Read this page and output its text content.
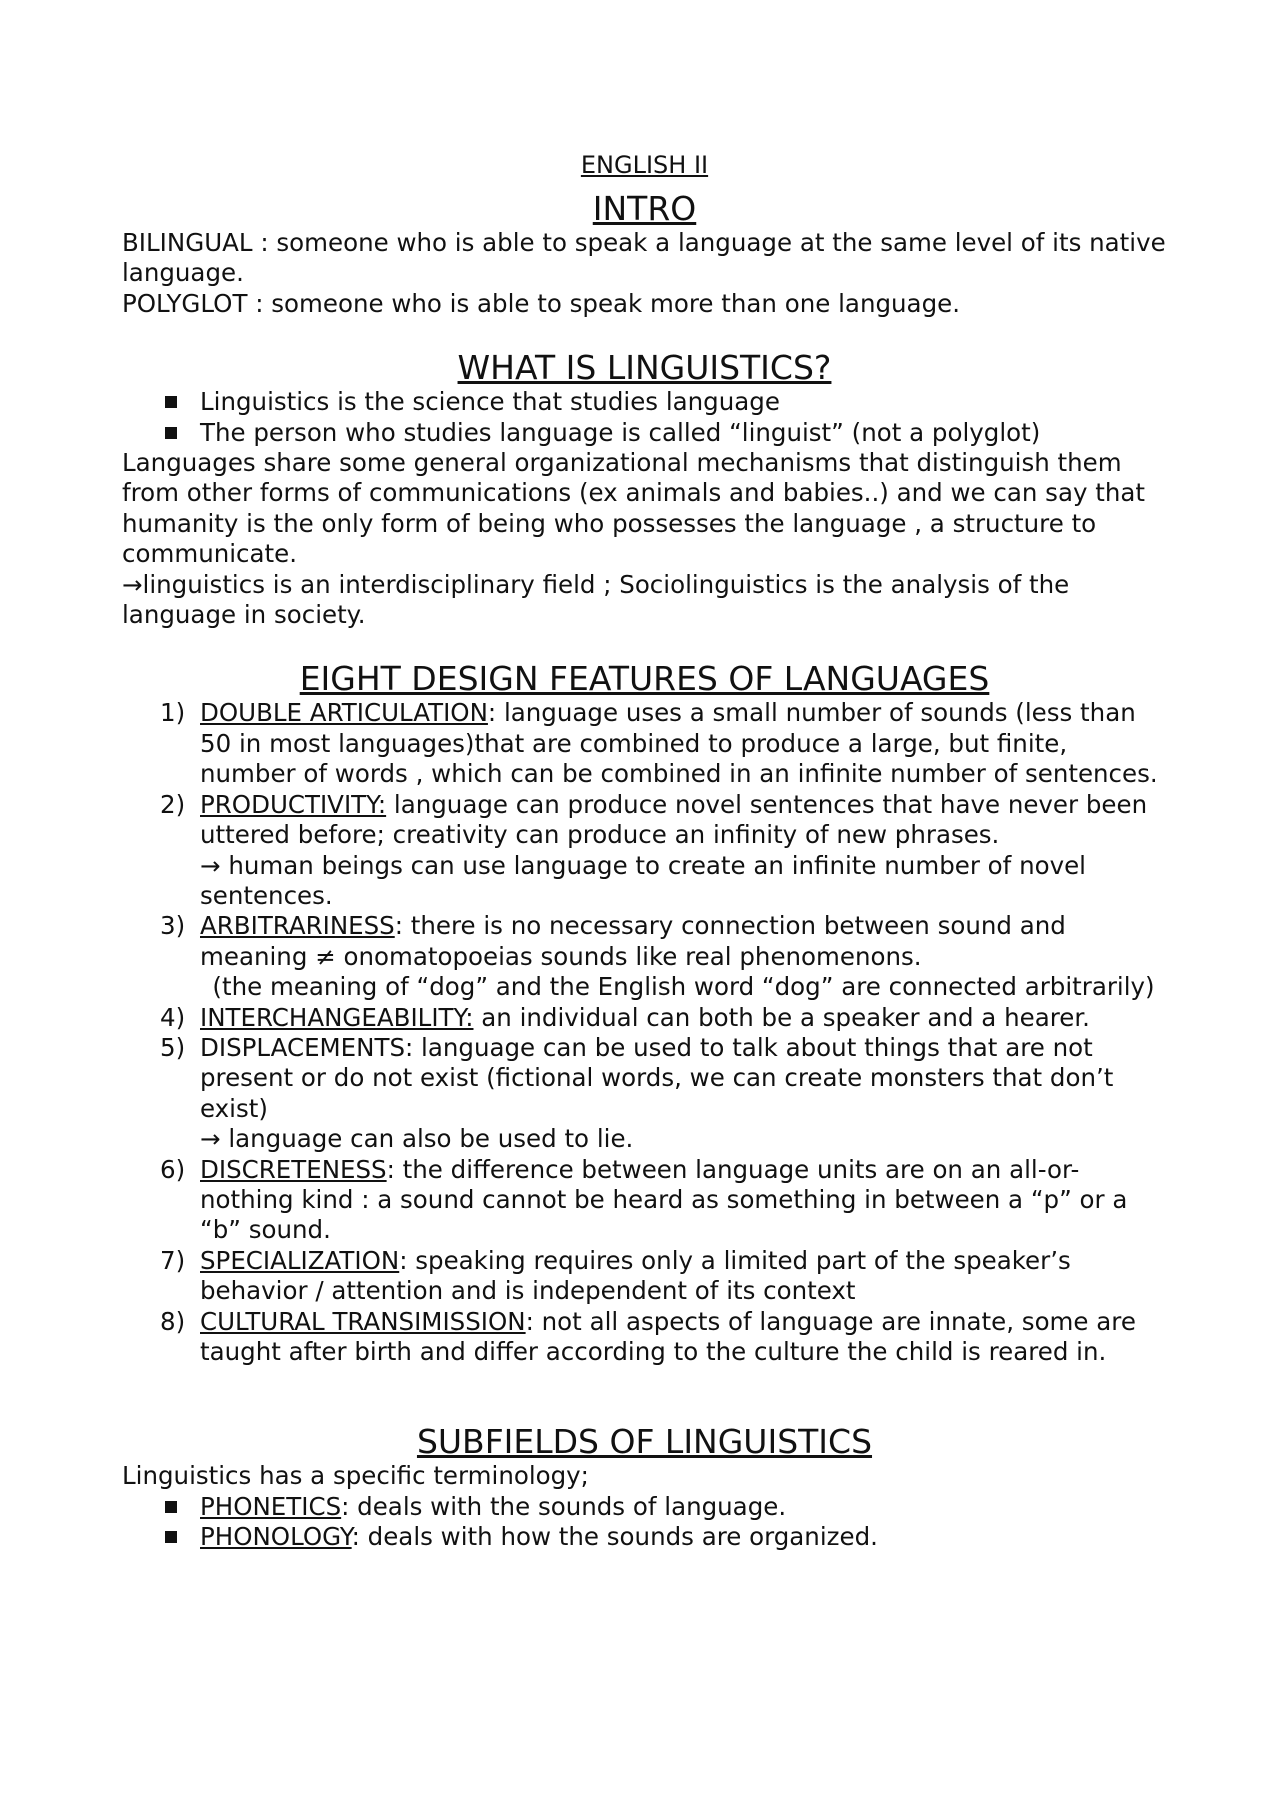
ENGLISH II
INTRO

BILINGUAL : someone who is able to speak a language at the same level of its native language.

POLYGLOT : someone who is able to speak more than one language.

WHAT IS LINGUISTICS?
Linguistics is the science that studies language
The person who studies language is called “linguist” (not a polyglot)

Languages share some general organizational mechanisms that distinguish them from other forms of communications (ex animals and babies..) and we can say that humanity is the only form of being who possesses the language , a structure to communicate.

→linguistics is an interdisciplinary field ; Sociolinguistics is the analysis of the language in society.

EIGHT DESIGN FEATURES OF LANGUAGES
1) DOUBLE ARTICULATION: language uses a small number of sounds (less than 50 in most languages)that are combined to produce a large, but finite, number of words , which can be combined in an infinite number of sentences.
2) PRODUCTIVITY: language can produce novel sentences that have never been uttered before; creativity can produce an infinity of new phrases.
→ human beings can use language to create an infinite number of novel sentences.
3) ARBITRARINESS: there is no necessary connection between sound and meaning ≠ onomatopoeias sounds like real phenomenons.
(the meaning of “dog” and the English word “dog” are connected arbitrarily)
4) INTERCHANGEABILITY: an individual can both be a speaker and a hearer.
5) DISPLACEMENTS: language can be used to talk about things that are not present or do not exist (fictional words, we can create monsters that don’t exist)
→ language can also be used to lie.
6) DISCRETENESS: the difference between language units are on an all-or-nothing kind : a sound cannot be heard as something in between a “p” or a “b” sound.
7) SPECIALIZATION: speaking requires only a limited part of the speaker’s behavior / attention and is independent of its context
8) CULTURAL TRANSIMISSION: not all aspects of language are innate, some are taught after birth and differ according to the culture the child is reared in.
SUBFIELDS OF LINGUISTICS

Linguistics has a specific terminology;

PHONETICS: deals with the sounds of language.
PHONOLOGY: deals with how the sounds are organized.
